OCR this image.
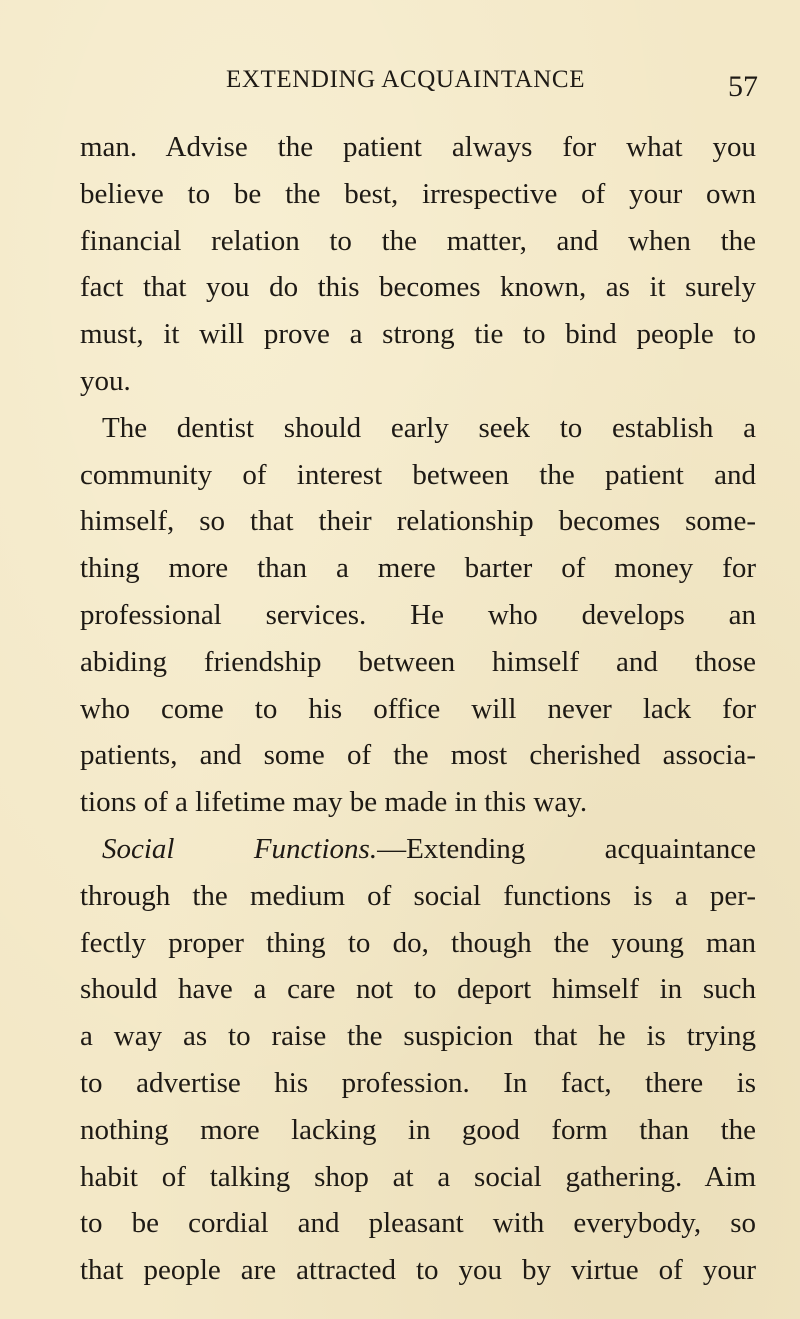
EXTENDING ACQUAINTANCE	57
man. Advise the patient always for what you
believe to be the best, irrespective of your own
financial relation to the matter, and when the
fact that you do this becomes known, as it surely
must, it will prove a strong tie to bind people to
you.
The dentist should early seek to establish a
community of interest between the patient and
himself, so that their relationship becomes some-
thing more than a mere barter of money for
professional services. He who develops an
abiding friendship between himself and those
who come to his office will never lack for
patients, and some of the most cherished associa-
tions of a lifetime may be made in this way.
Social Functions.—Extending acquaintance
through the medium of social functions is a per-
fectly proper thing to do, though the young man
should have a care not to deport himself in such
a way as to raise the suspicion that he is trying
to advertise his profession. In fact, there is
nothing more lacking in good form than the
habit of talking shop at a social gathering. Aim
to be cordial and pleasant with everybody, so
that people are attracted to you by virtue of your
